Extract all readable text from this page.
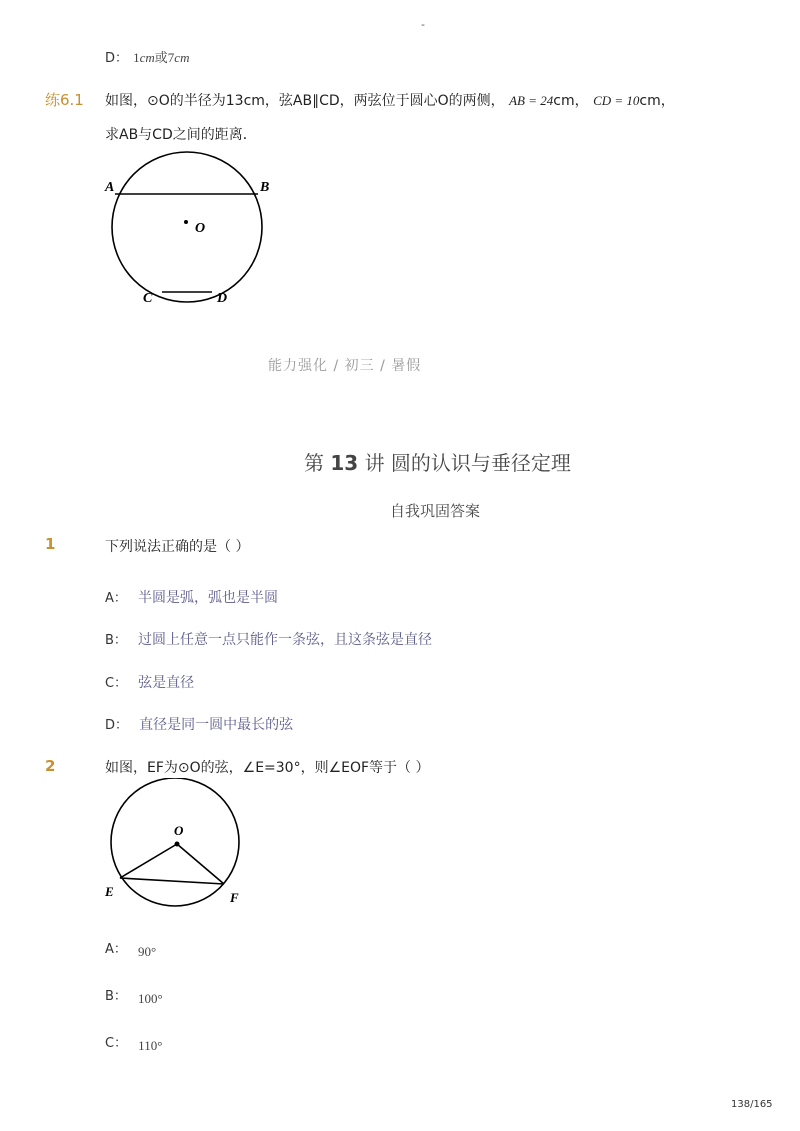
-
D： 1cm或7cm
练6.1 如图，⊙O的半径为13cm，弦AB∥CD，两弦位于圆心O的两侧， AB = 24cm， CD = 10cm，
求AB与CD之间的距离．
A	B
O
C	D
能力强化 / 初三 / 暑假
第 13 讲 圆的认识与垂径定理
自我巩固答案
1	下列说法正确的是（ ）
A： 半圆是弧，弧也是半圆
B： 过圆上任意一点只能作一条弦，且这条弦是直径
C： 弦是直径
D： 直径是同一圆中最长的弦
2	如图，EF为⊙O的弦，∠E=30°，则∠EOF等于（ ）
O
E	F
A： 90°
B： 100°
C： 110°
138/165
